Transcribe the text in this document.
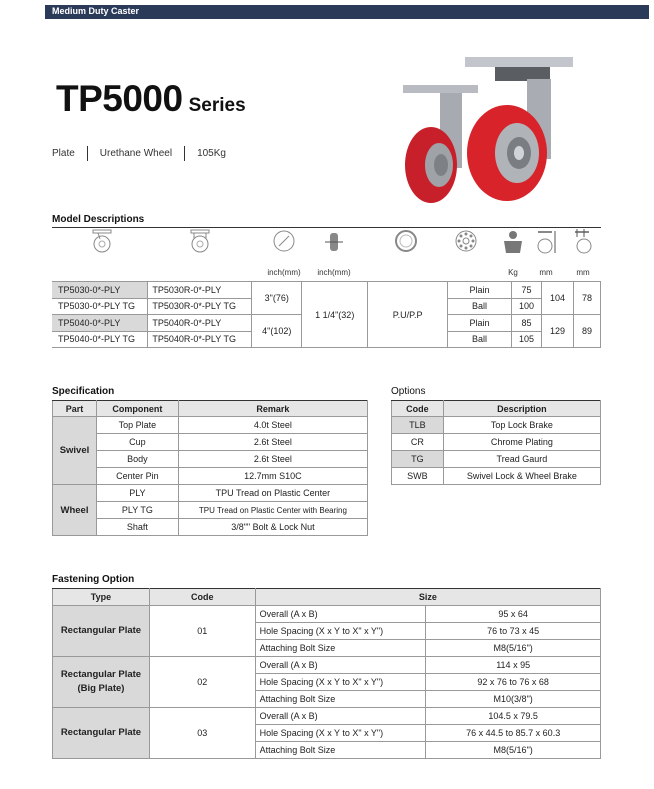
Medium Duty Caster
TP5000 Series
Plate	Urethane Wheel	105Kg
Model Descriptions
inch(mm)	inch(mm)	Kg	mm	mm
TP5030-0*-PLY	TP5030R-0*-PLY	3"(76)	1 1/4"(32)	P.U/P.P	Plain	75	104	78
TP5030-0*-PLY TG	TP5030R-0*-PLY TG				Ball	100		
TP5040-0*-PLY	TP5040R-0*-PLY	4"(102)			Plain	85	129	89
TP5040-0*-PLY TG	TP5040R-0*-PLY TG				Ball	105		
Specification
Part	Component	Remark
Swivel	Top Plate	4.0t Steel
	Cup	2.6t Steel
	Body	2.6t Steel
	Center Pin	12.7mm S10C
Wheel	PLY	TPU Tread on Plastic Center
	PLY TG	TPU Tread on Plastic Center with Bearing
	Shaft	3/8"" Bolt & Lock Nut
Options
Code	Description
TLB	Top Lock Brake
CR	Chrome Plating
TG	Tread Gaurd
SWB	Swivel Lock & Wheel Brake
Fastening Option
Type	Code	Size	
Rectangular Plate	01	Overall (A x B)	95 x 64
		Hole Spacing (X x Y to X" x Y")	76 to 73 x 45
		Attaching Bolt Size	M8(5/16")
Rectangular Plate
(Big Plate)	02	Overall (A x B)	114 x 95
		Hole Spacing (X x Y to X" x Y")	92 x 76 to 76 x 68
		Attaching Bolt Size	M10(3/8")
Rectangular Plate	03	Overall (A x B)	104.5 x 79.5
		Hole Spacing (X x Y to X" x Y")	76 x 44.5 to 85.7 x 60.3
		Attaching Bolt Size	M8(5/16")
